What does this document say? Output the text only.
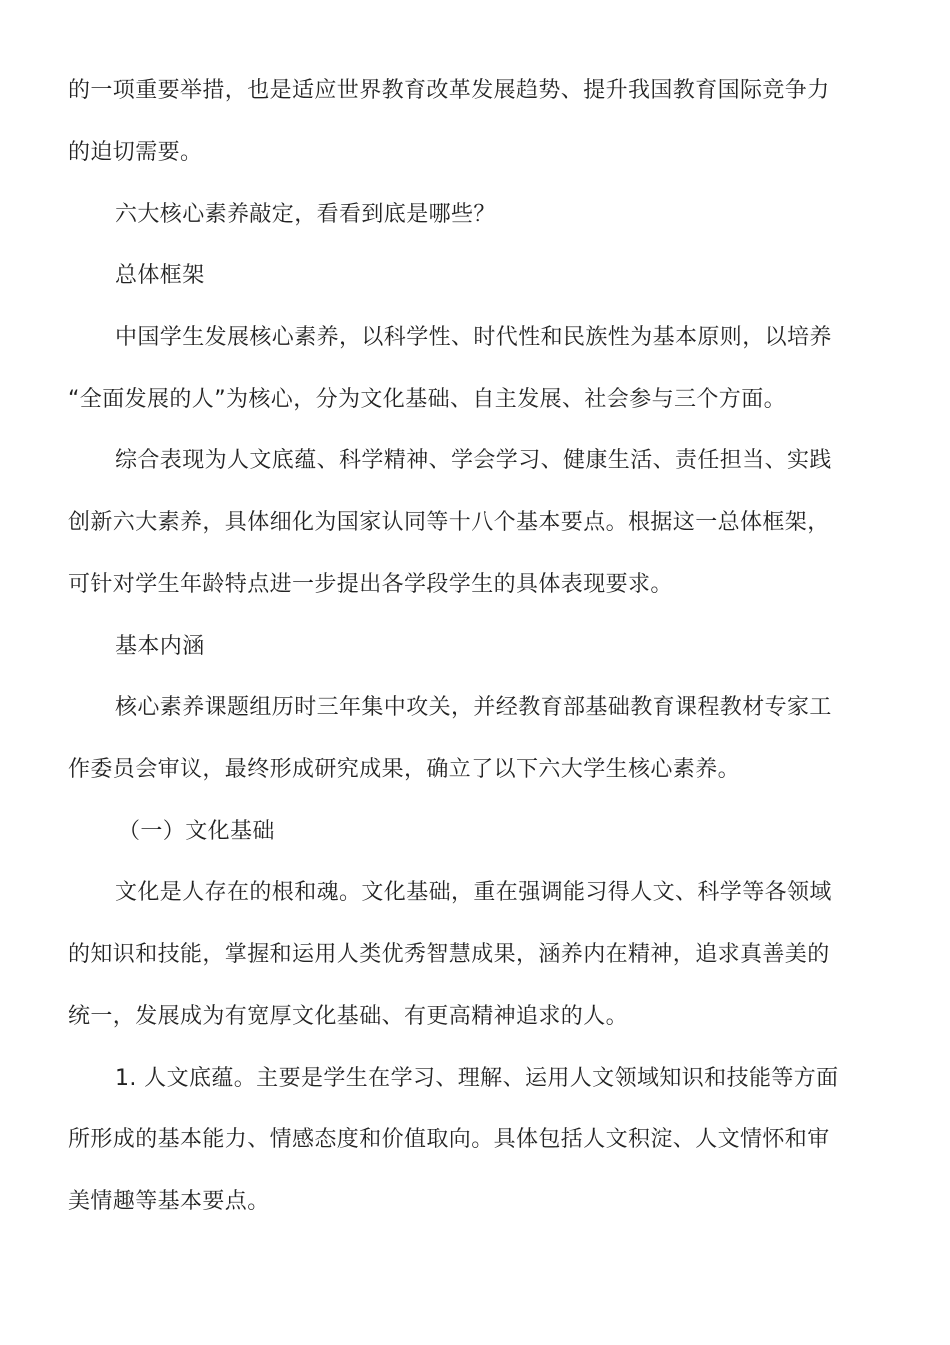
的一项重要举措，也是适应世界教育改革发展趋势、提升我国教育国际竞争力
的迫切需要。
六大核心素养敲定，看看到底是哪些？
总体框架
中国学生发展核心素养，以科学性、时代性和民族性为基本原则，以培养
“全面发展的人”为核心，分为文化基础、自主发展、社会参与三个方面。
综合表现为人文底蕴、科学精神、学会学习、健康生活、责任担当、实践
创新六大素养，具体细化为国家认同等十八个基本要点。根据这一总体框架，
可针对学生年龄特点进一步提出各学段学生的具体表现要求。
基本内涵
核心素养课题组历时三年集中攻关，并经教育部基础教育课程教材专家工
作委员会审议，最终形成研究成果，确立了以下六大学生核心素养。
（一）文化基础
文化是人存在的根和魂。文化基础，重在强调能习得人文、科学等各领域
的知识和技能，掌握和运用人类优秀智慧成果，涵养内在精神，追求真善美的
统一，发展成为有宽厚文化基础、有更高精神追求的人。
1. 人文底蕴。主要是学生在学习、理解、运用人文领域知识和技能等方面
所形成的基本能力、情感态度和价值取向。具体包括人文积淀、人文情怀和审
美情趣等基本要点。
